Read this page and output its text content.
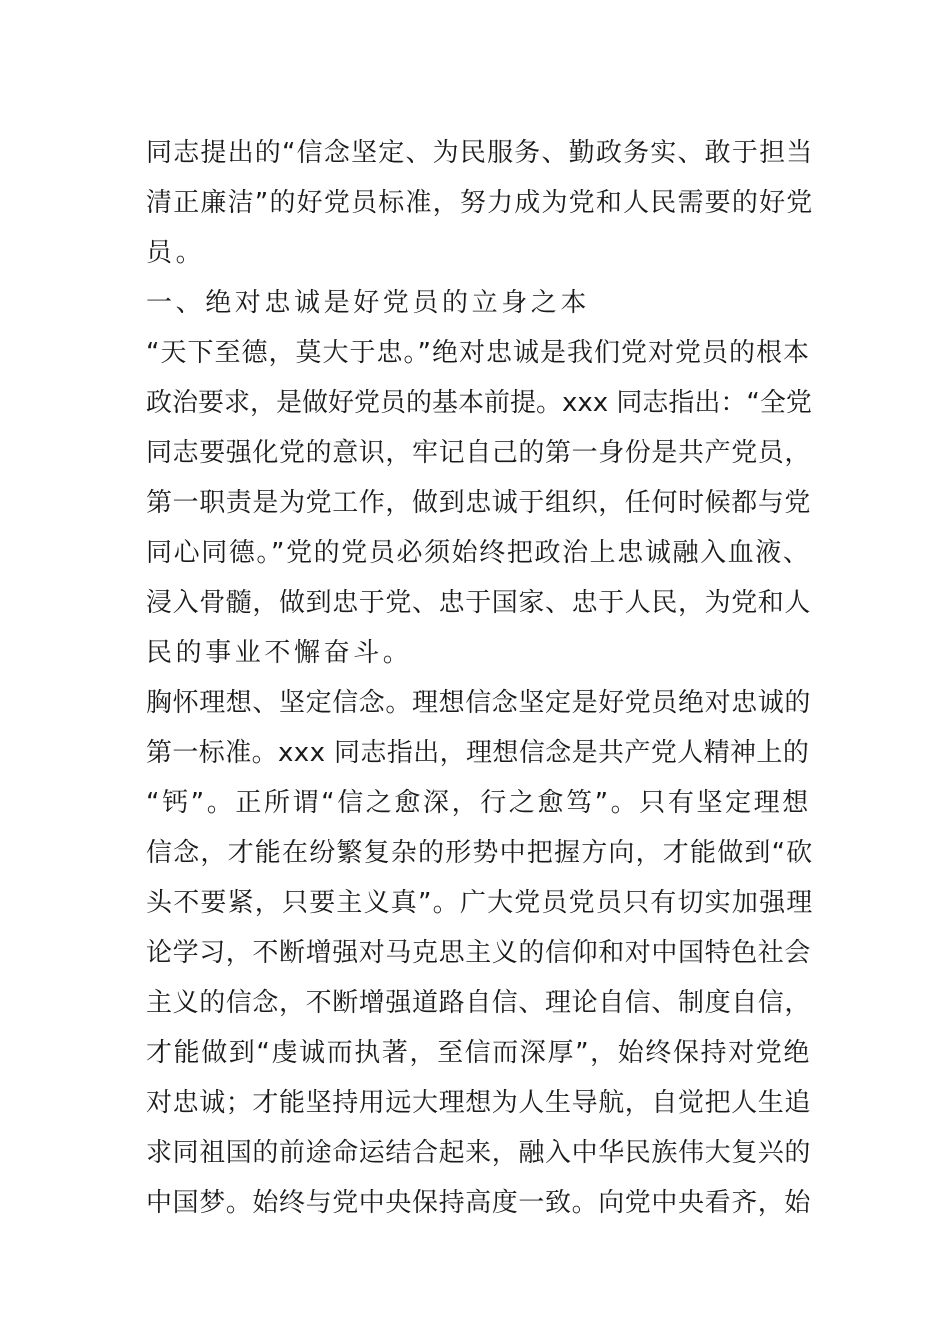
同志提出的“信念坚定、为民服务、勤政务实、敢于担当
清正廉洁”的好党员标准，努力成为党和人民需要的好党
员。
一、绝对忠诚是好党员的立身之本
“天下至德，莫大于忠。”绝对忠诚是我们党对党员的根本
政治要求，是做好党员的基本前提。xxx 同志指出：“全党
同志要强化党的意识，牢记自己的第一身份是共产党员，
第一职责是为党工作，做到忠诚于组织，任何时候都与党
同心同德。”党的党员必须始终把政治上忠诚融入血液、
浸入骨髓，做到忠于党、忠于国家、忠于人民，为党和人
民的事业不懈奋斗。
胸怀理想、坚定信念。理想信念坚定是好党员绝对忠诚的
第一标准。xxx 同志指出，理想信念是共产党人精神上的
“钙”。正所谓“信之愈深，行之愈笃”。只有坚定理想
信念，才能在纷繁复杂的形势中把握方向，才能做到“砍
头不要紧，只要主义真”。广大党员党员只有切实加强理
论学习，不断增强对马克思主义的信仰和对中国特色社会
主义的信念，不断增强道路自信、理论自信、制度自信，
才能做到“虔诚而执著，至信而深厚”，始终保持对党绝
对忠诚；才能坚持用远大理想为人生导航，自觉把人生追
求同祖国的前途命运结合起来，融入中华民族伟大复兴的
中国梦。始终与党中央保持高度一致。向党中央看齐，始
